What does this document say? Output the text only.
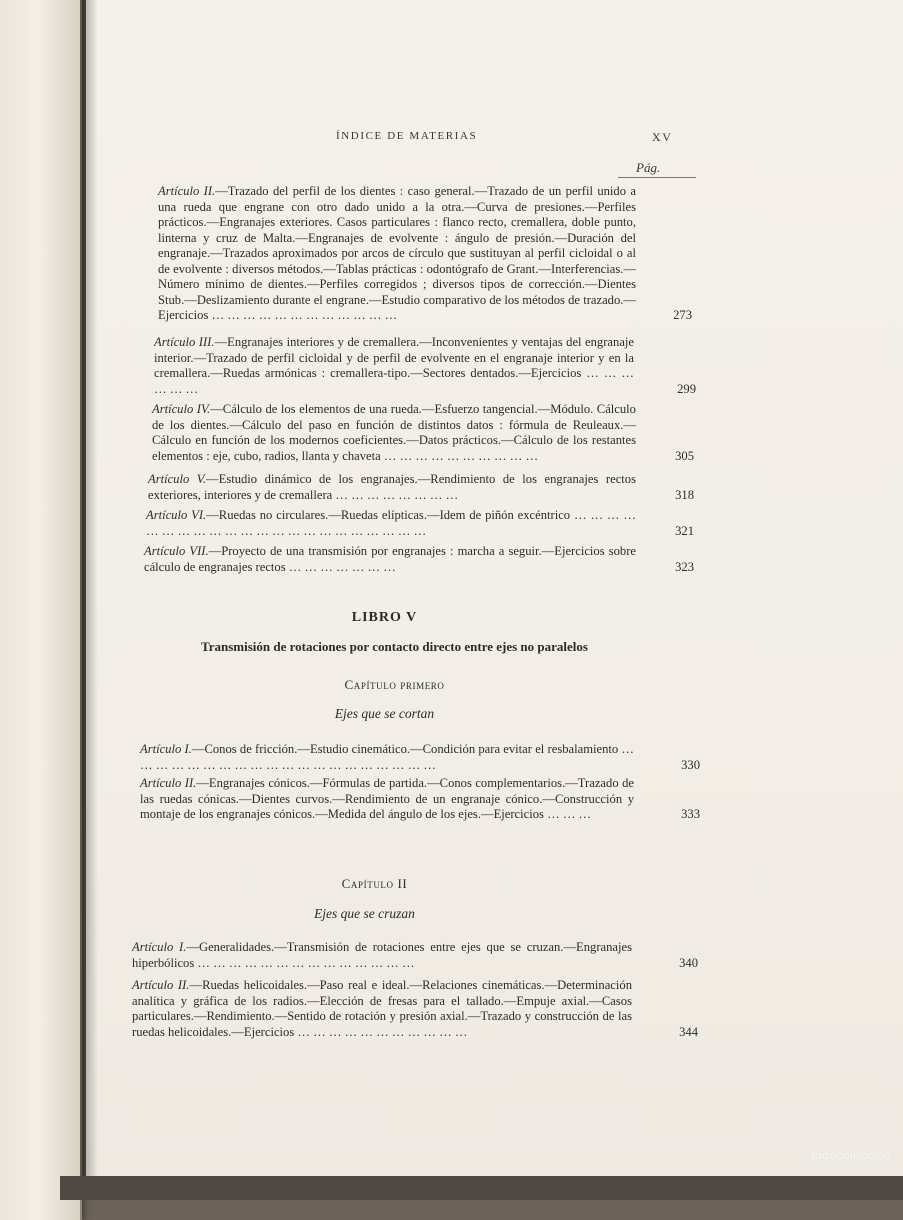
ÍNDICE DE MATERIAS	XV
Pág.
Artículo II.—Trazado del perfil de los dientes : caso general.—Trazado de un perfil unido a una rueda que engrane con otro dado unido a la otra.—Curva de presiones.—Perfiles prácticos.—Engranajes exteriores. Casos particulares : flanco recto, cremallera, doble punto, linterna y cruz de Malta.—Engranajes de evolvente : ángulo de presión.—Duración del engranaje.—Trazados aproximados por arcos de círculo que sustituyan al perfil cicloidal o al de evolvente : diversos métodos.—Tablas prácticas : odontógrafo de Grant.—Interferencias.—Número mínimo de dientes.—Perfiles corregidos ; diversos tipos de corrección.—Dientes Stub.—Deslizamiento durante el engrane.—Estudio comparativo de los métodos de trazado.—Ejercicios … … … … … … … … … … … …	273
Artículo III.—Engranajes interiores y de cremallera.—Inconvenientes y ventajas del engranaje interior.—Trazado de perfil cicloidal y de perfil de evolvente en el engranaje interior y en la cremallera.—Ruedas armónicas : cremallera-tipo.—Sectores dentados.—Ejercicios … … … … … …	299
Artículo IV.—Cálculo de los elementos de una rueda.—Esfuerzo tangencial.—Módulo. Cálculo de los dientes.—Cálculo del paso en función de distintos datos : fórmula de Reuleaux.—Cálculo en función de los modernos coeficientes.—Datos prácticos.—Cálculo de los restantes elementos : eje, cubo, radios, llanta y chaveta … … … … … … … … … …	305
Artículo V.—Estudio dinámico de los engranajes.—Rendimiento de los engranajes rectos exteriores, interiores y de cremallera … … … … … … … …	318
Artículo VI.—Ruedas no circulares.—Ruedas elípticas.—Idem de piñón excéntrico … … … … … … … … … … … … … … … … … … … … … …	321
Artículo VII.—Proyecto de una transmisión por engranajes : marcha a seguir.—Ejercicios sobre cálculo de engranajes rectos … … … … … … …	323
LIBRO V
Transmisión de rotaciones por contacto directo entre ejes no paralelos
Capítulo primero
Ejes que se cortan
Artículo I.—Conos de fricción.—Estudio cinemático.—Condición para evitar el resbalamiento … … … … … … … … … … … … … … … … … … … …	330
Artículo II.—Engranajes cónicos.—Fórmulas de partida.—Conos complementarios.—Trazado de las ruedas cónicas.—Dientes curvos.—Rendimiento de un engranaje cónico.—Construcción y montaje de los engranajes cónicos.—Medida del ángulo de los ejes.—Ejercicios … … …	333
Capítulo II
Ejes que se cruzan
Artículo I.—Generalidades.—Transmisión de rotaciones entre ejes que se cruzan.—Engranajes hiperbólicos … … … … … … … … … … … … … …	340
Artículo II.—Ruedas helicoidales.—Paso real e ideal.—Relaciones cinemáticas.—Determinación analítica y gráfica de los radios.—Elección de fresas para el tallado.—Empuje axial.—Casos particulares.—Rendimiento.—Sentido de rotación y presión axial.—Trazado y construcción de las ruedas helicoidales.—Ejercicios … … … … … … … … … … …	344
todocoleccion
